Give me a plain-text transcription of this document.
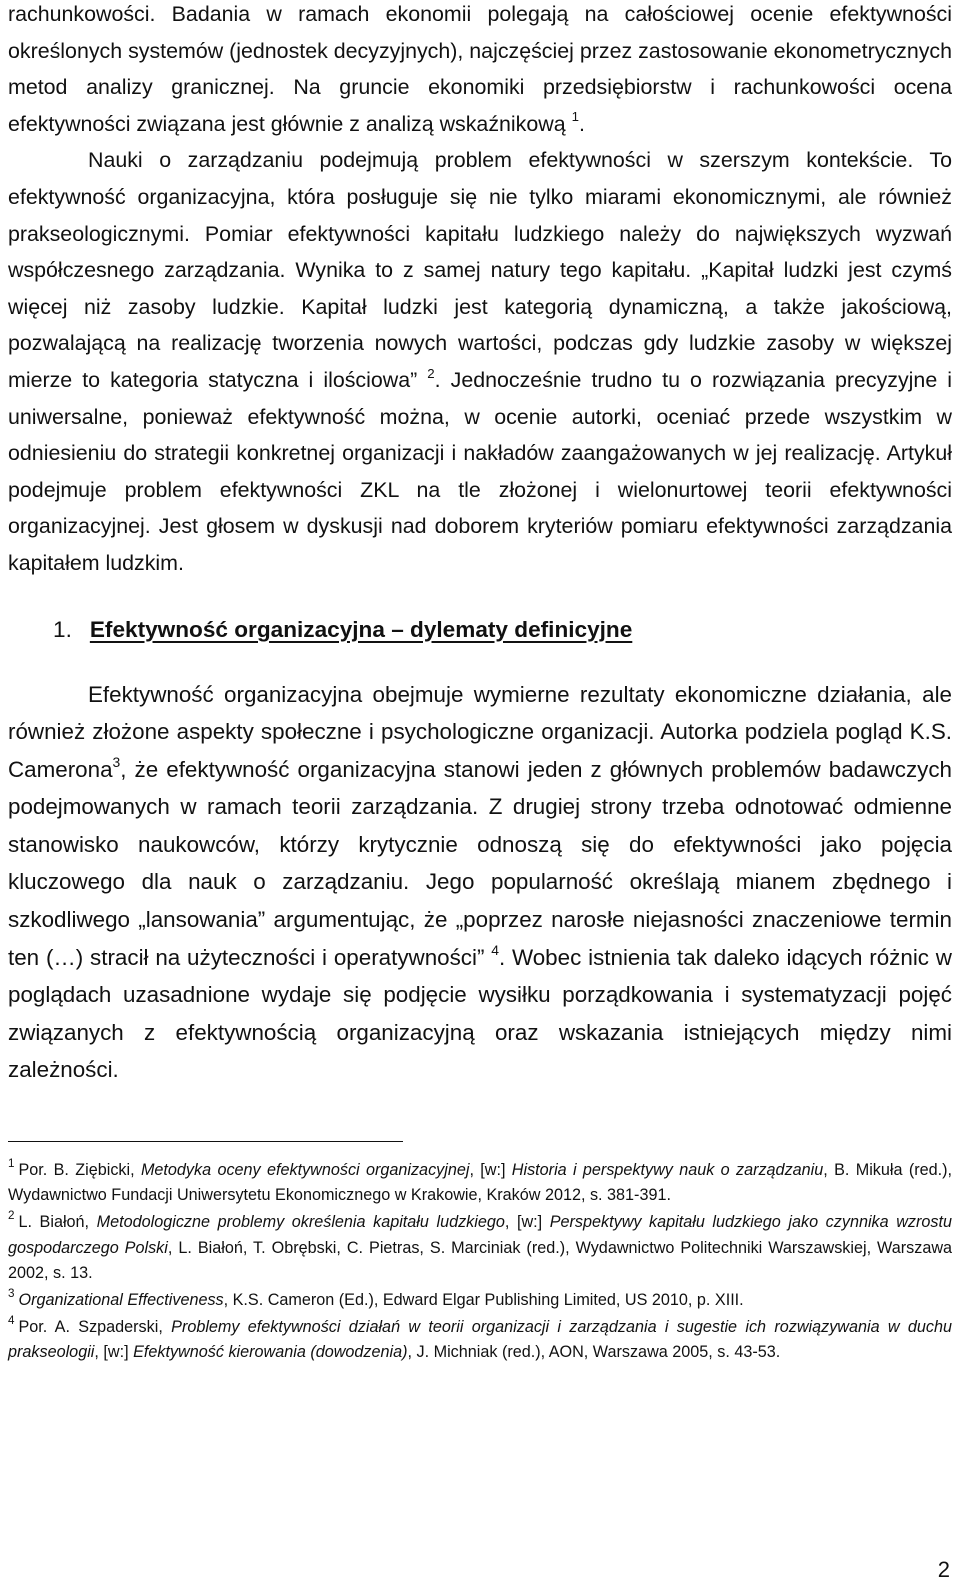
rachunkowości. Badania w ramach ekonomii polegają na całościowej ocenie efektywności określonych systemów (jednostek decyzyjnych), najczęściej przez zastosowanie ekonometrycznych metod analizy granicznej. Na gruncie ekonomiki przedsiębiorstw i rachunkowości ocena efektywności związana jest głównie z analizą wskaźnikową $^1$.
Nauki o zarządzaniu podejmują problem efektywności w szerszym kontekście. To efektywność organizacyjna, która posługuje się nie tylko miarami ekonomicznymi, ale również prakseologicznymi. Pomiar efektywności kapitału ludzkiego należy do największych wyzwań współczesnego zarządzania. Wynika to z samej natury tego kapitału. „Kapitał ludzki jest czymś więcej niż zasoby ludzkie. Kapitał ludzki jest kategorią dynamiczną, a także jakościową, pozwalającą na realizację tworzenia nowych wartości, podczas gdy ludzkie zasoby w większej mierze to kategoria statyczna i ilościowa” $^2$. Jednocześnie trudno tu o rozwiązania precyzyjne i uniwersalne, ponieważ efektywność można, w ocenie autorki, oceniać przede wszystkim w odniesieniu do strategii konkretnej organizacji i nakładów zaangażowanych w jej realizację. Artykuł podejmuje problem efektywności ZKL na tle złożonej i wielonurtowej teorii efektywności organizacyjnej. Jest głosem w dyskusji nad doborem kryteriów pomiaru efektywności zarządzania kapitałem ludzkim.

1. Efektywność organizacyjna – dylematy definicyjne

Efektywność organizacyjna obejmuje wymierne rezultaty ekonomiczne działania, ale również złożone aspekty społeczne i psychologiczne organizacji. Autorka podziela pogląd K.S. Camerona$^3$, że efektywność organizacyjna stanowi jeden z głównych problemów badawczych podejmowanych w ramach teorii zarządzania. Z drugiej strony trzeba odnotować odmienne stanowisko naukowców, którzy krytycznie odnoszą się do efektywności jako pojęcia kluczowego dla nauk o zarządzaniu. Jego popularność określają mianem zbędnego i szkodliwego „lansowania” argumentując, że „poprzez narosłe niejasności znaczeniowe termin ten (…) stracił na użyteczności i operatywności” $^4$. Wobec istnienia tak daleko idących różnic w poglądach uzasadnione wydaje się podjęcie wysiłku porządkowania i systematyzacji pojęć związanych z efektywnością organizacyjną oraz wskazania istniejących między nimi zależności.

$^1$ Por. B. Ziębicki, Metodyka oceny efektywności organizacyjnej, [w:] Historia i perspektywy nauk o zarządzaniu, B. Mikuła (red.), Wydawnictwo Fundacji Uniwersytetu Ekonomicznego w Krakowie, Kraków 2012, s. 381-391.

$^2$ L. Białoń, Metodologiczne problemy określenia kapitału ludzkiego, [w:] Perspektywy kapitału ludzkiego jako czynnika wzrostu gospodarczego Polski, L. Białoń, T. Obrębski, C. Pietras, S. Marciniak (red.), Wydawnictwo Politechniki Warszawskiej, Warszawa 2002, s. 13.

$^3$ Organizational Effectiveness, K.S. Cameron (Ed.), Edward Elgar Publishing Limited, US 2010, p. XIII.

$^4$ Por. A. Szpaderski, Problemy efektywności działań w teorii organizacji i zarządzania i sugestie ich rozwiązywania w duchu prakseologii, [w:] Efektywność kierowania (dowodzenia), J. Michniak (red.), AON, Warszawa 2005, s. 43-53.

2
